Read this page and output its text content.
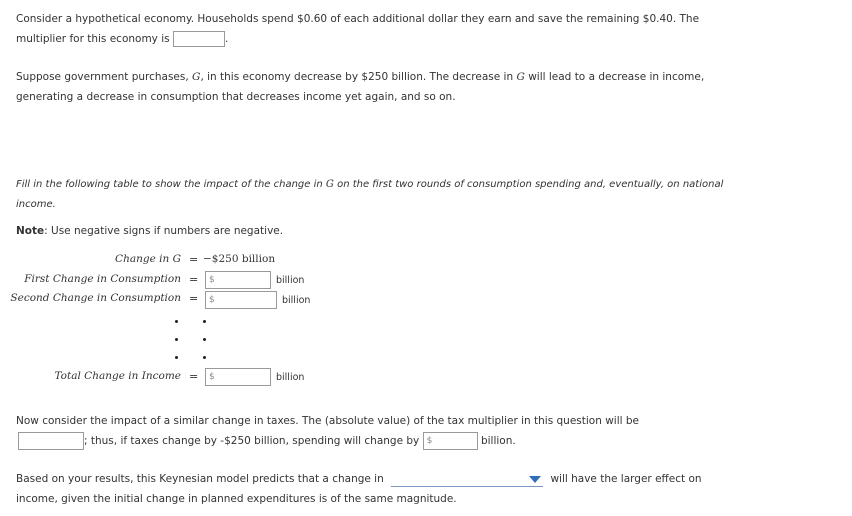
Consider a hypothetical economy. Households spend $0.60 of each additional dollar they earn and save the remaining $0.40. The
multiplier for this economy is	.
Suppose government purchases, G, in this economy decrease by $250 billion. The decrease in G will lead to a decrease in income,
generating a decrease in consumption that decreases income yet again, and so on.
Fill in the following table to show the impact of the change in G on the first two rounds of consumption spending and, eventually, on national
income.
Note: Use negative signs if numbers are negative.
Change in G = −$250 billion
First Change in Consumption =	$	billion
Second Change in Consumption =	$	billion
Total Change in Income =	$	billion
Now consider the impact of a similar change in taxes. The (absolute value) of the tax multiplier in this question will be
; thus, if taxes change by -$250 billion, spending will change by $	billion.
Based on your results, this Keynesian model predicts that a change in	will have the larger effect on
income, given the initial change in planned expenditures is of the same magnitude.
